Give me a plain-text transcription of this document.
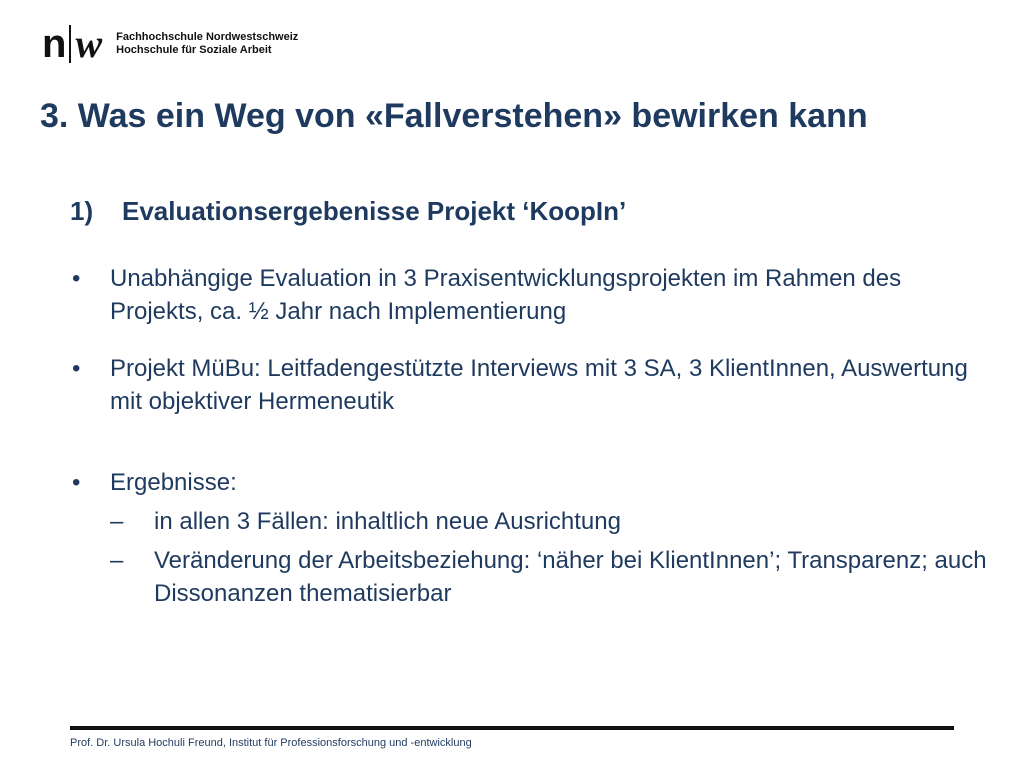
n w Fachhochschule Nordwestschweiz
Hochschule für Soziale Arbeit
3. Was ein Weg von «Fallverstehen» bewirken kann
1) Evaluationsergebenisse Projekt ‘KoopIn’
•	Unabhängige Evaluation in 3 Praxisentwicklungsprojekten im Rahmen des Projekts, ca. ½ Jahr nach Implementierung
•	Projekt MüBu: Leitfadengestützte Interviews mit 3 SA, 3 KlientInnen, Auswertung mit objektiver Hermeneutik
•	Ergebnisse:
–	in allen 3 Fällen: inhaltlich neue Ausrichtung
–	Veränderung der Arbeitsbeziehung: ‘näher bei KlientInnen’; Transparenz; auch Dissonanzen thematisierbar
Prof. Dr. Ursula Hochuli Freund, Institut für Professionsforschung und -entwicklung
